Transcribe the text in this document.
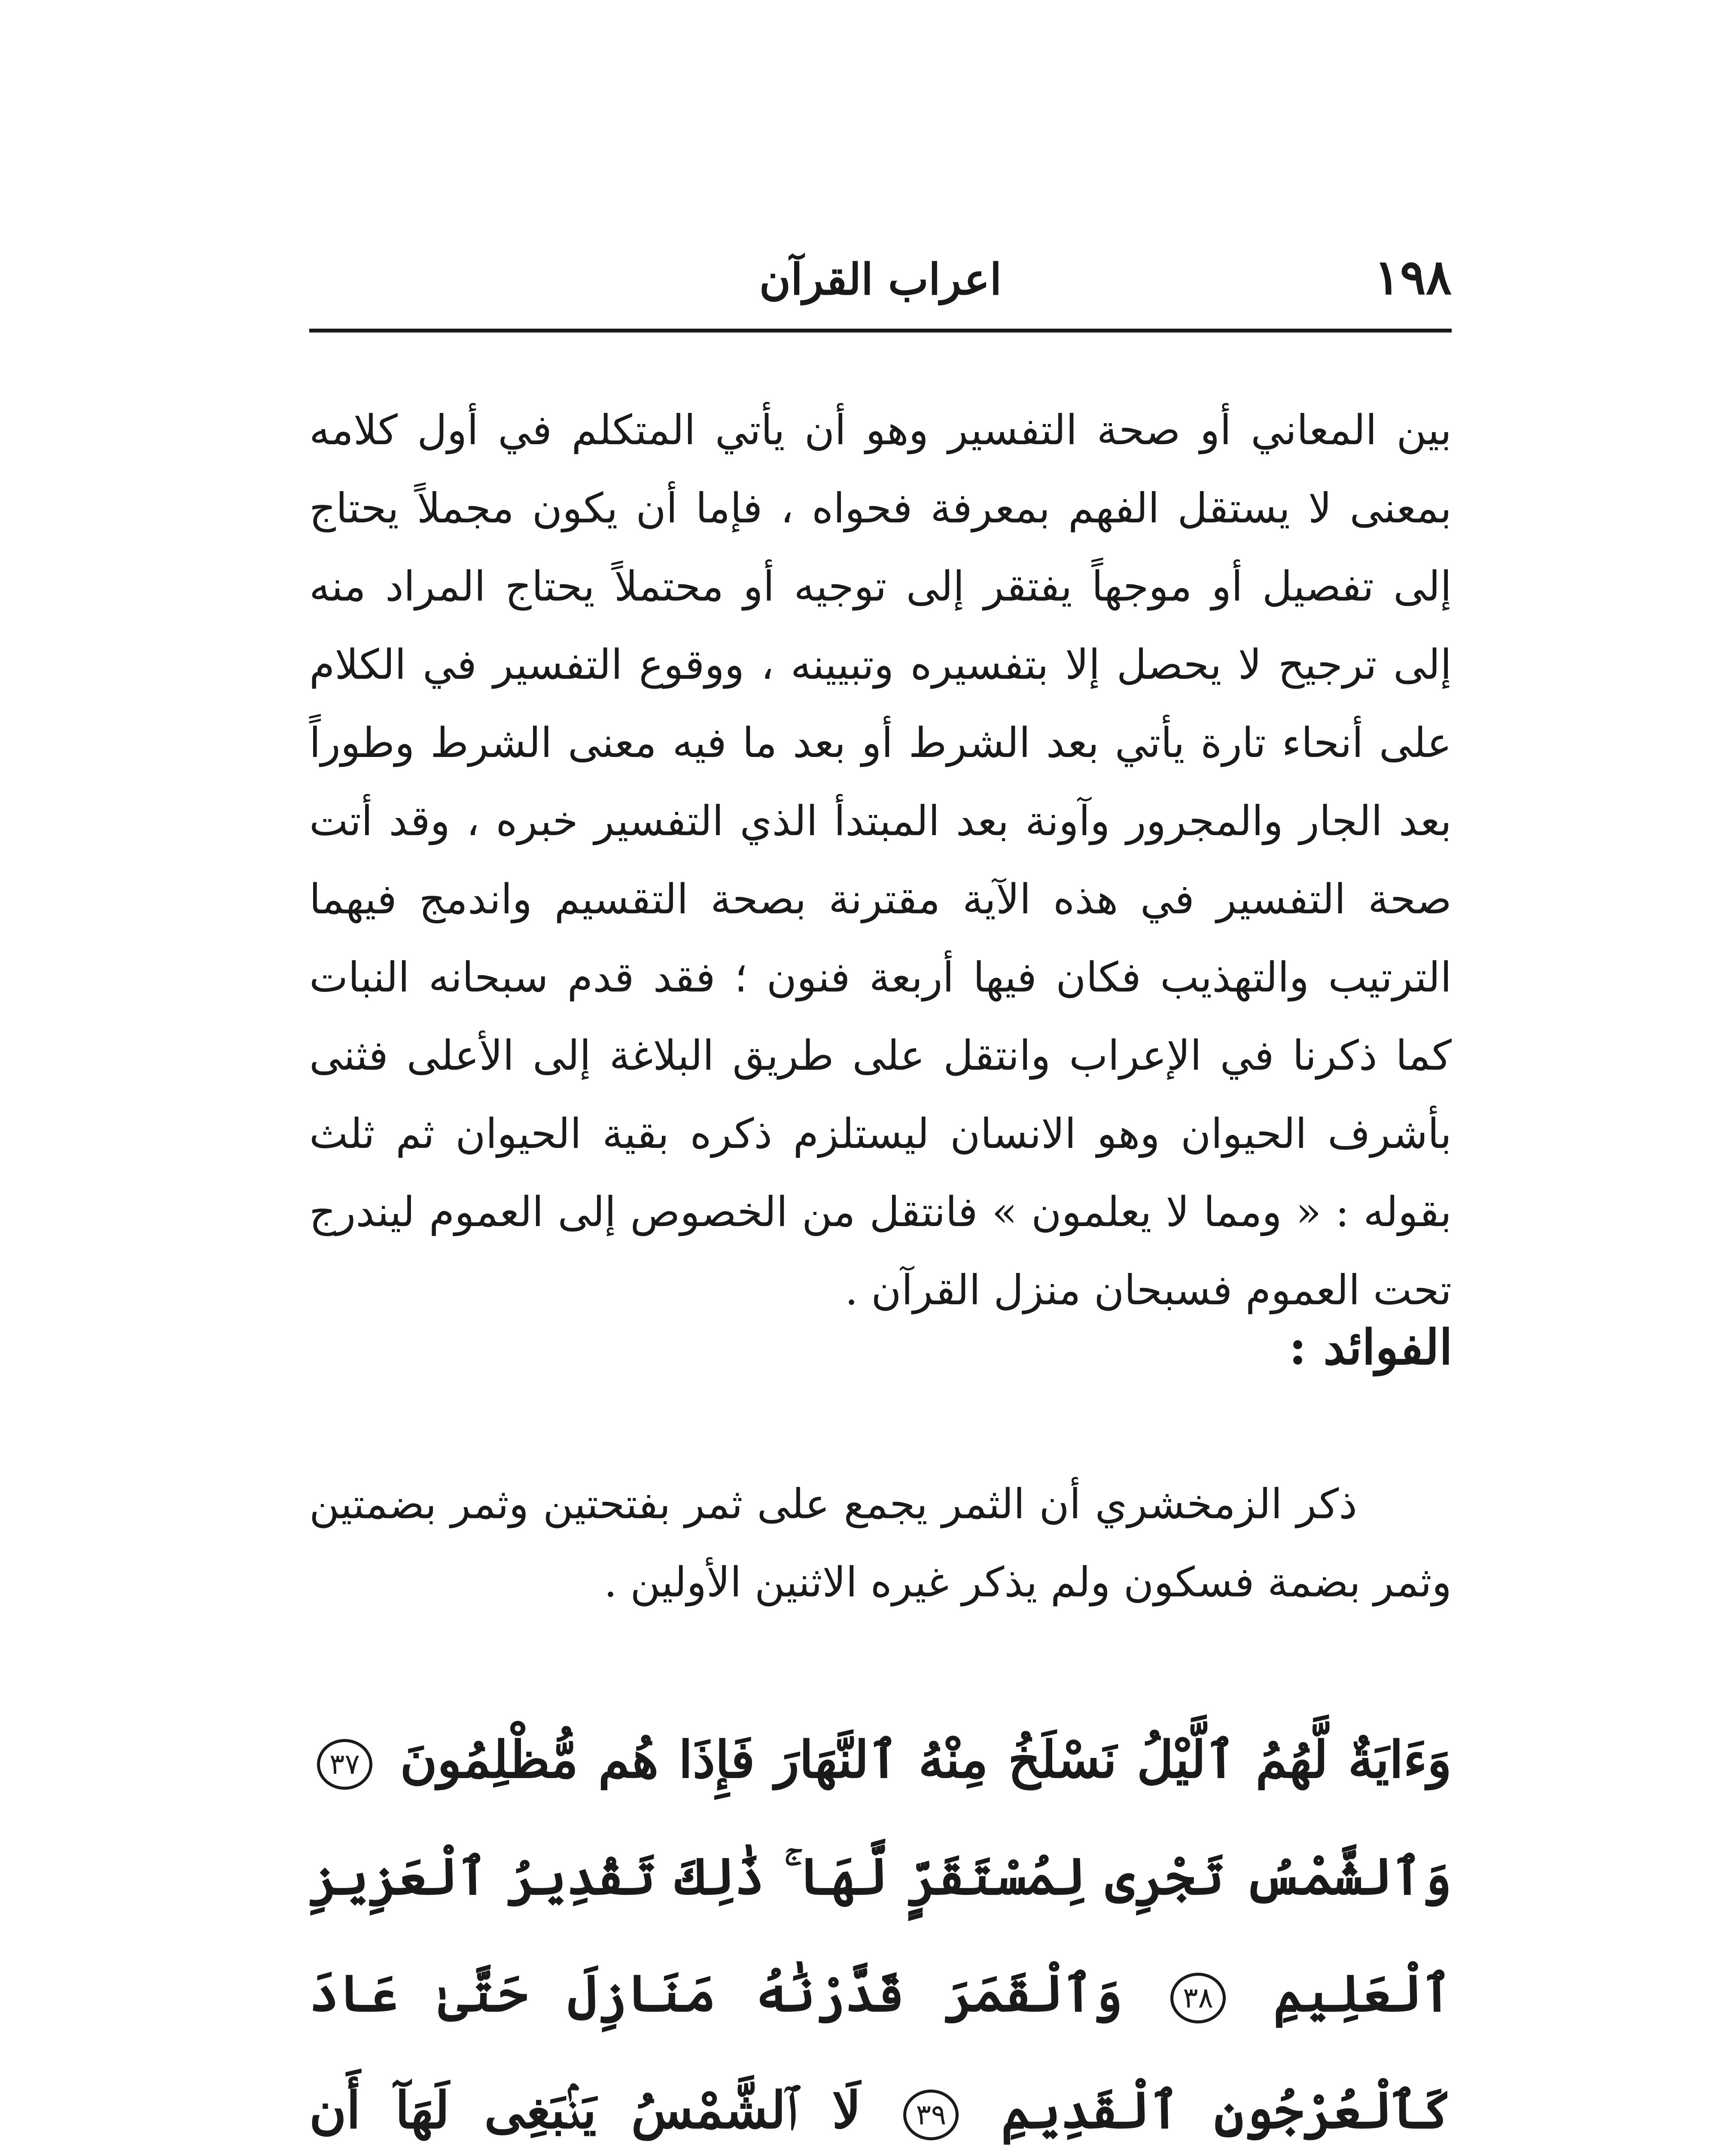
١٩٨
اعراب القرآن
بين المعاني أو صحة التفسير وهو أن يأتي المتكلم في أول كلامه بمعنى لا يستقل الفهم بمعرفة فحواه ، فإما أن يكون مجملاً يحتاج إلى تفصيل أو موجهاً يفتقر إلى توجيه أو محتملاً يحتاج المراد منه إلى ترجيح لا يحصل إلا بتفسيره وتبيينه ، ووقوع التفسير في الكلام على أنحاء تارة يأتي بعد الشرط أو بعد ما فيه معنى الشرط وطوراً بعد الجار والمجرور وآونة بعد المبتدأ الذي التفسير خبره ، وقد أتت صحة التفسير في هذه الآية مقترنة بصحة التقسيم واندمج فيهما الترتيب والتهذيب فكان فيها أربعة فنون ؛ فقد قدم سبحانه النبات كما ذكرنا في الإعراب وانتقل على طريق البلاغة إلى الأعلى فثنى بأشرف الحيوان وهو الانسان ليستلزم ذكره بقية الحيوان ثم ثلث بقوله : « ومما لا يعلمون » فانتقل من الخصوص إلى العموم ليندرج تحت العموم فسبحان منزل القرآن .
الفوائد :

ذكر الزمخشري أن الثمر يجمع على ثمر بفتحتين وثمر بضمتين وثمر بضمة فسكون ولم يذكر غيره الاثنين الأولين .

وَءَايَةٌ لَّهُمُ ٱلَّيْلُ نَسْلَخُ مِنْهُ ٱلنَّهَارَ فَإِذَا هُم مُّظْلِمُونَ ٣٧ وَٱلشَّمْسُ تَجْرِى لِمُسْتَقَرٍّ لَّهَا ۚ ذَٰلِكَ تَقْدِيرُ ٱلْعَزِيزِ ٱلْعَلِيمِ ٣٨ وَٱلْقَمَرَ قَدَّرْنَٰهُ مَنَازِلَ حَتَّىٰ عَادَ كَٱلْعُرْجُونِ ٱلْقَدِيمِ ٣٩ لَا ٱلشَّمْسُ يَنۢبَغِى لَهَآ أَن
